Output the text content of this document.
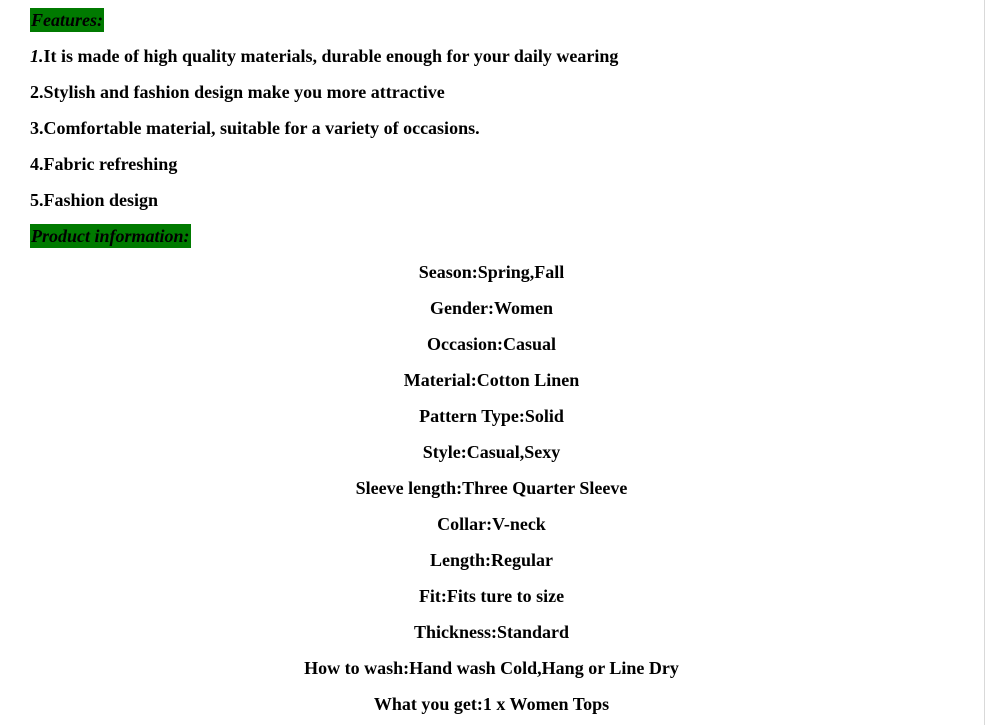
Features:
1.It is made of high quality materials, durable enough for your daily wearing
2.Stylish and fashion design make you more attractive
3.Comfortable material, suitable for a variety of occasions.
4.Fabric refreshing
5.Fashion design
Product information:
Season:Spring,Fall
Gender:Women
Occasion:Casual
Material:Cotton Linen
Pattern Type:Solid
Style:Casual,Sexy
Sleeve length:Three Quarter Sleeve
Collar:V-neck
Length:Regular
Fit:Fits ture to size
Thickness:Standard
How to wash:Hand wash Cold,Hang or Line Dry
What you get:1 x Women Tops
